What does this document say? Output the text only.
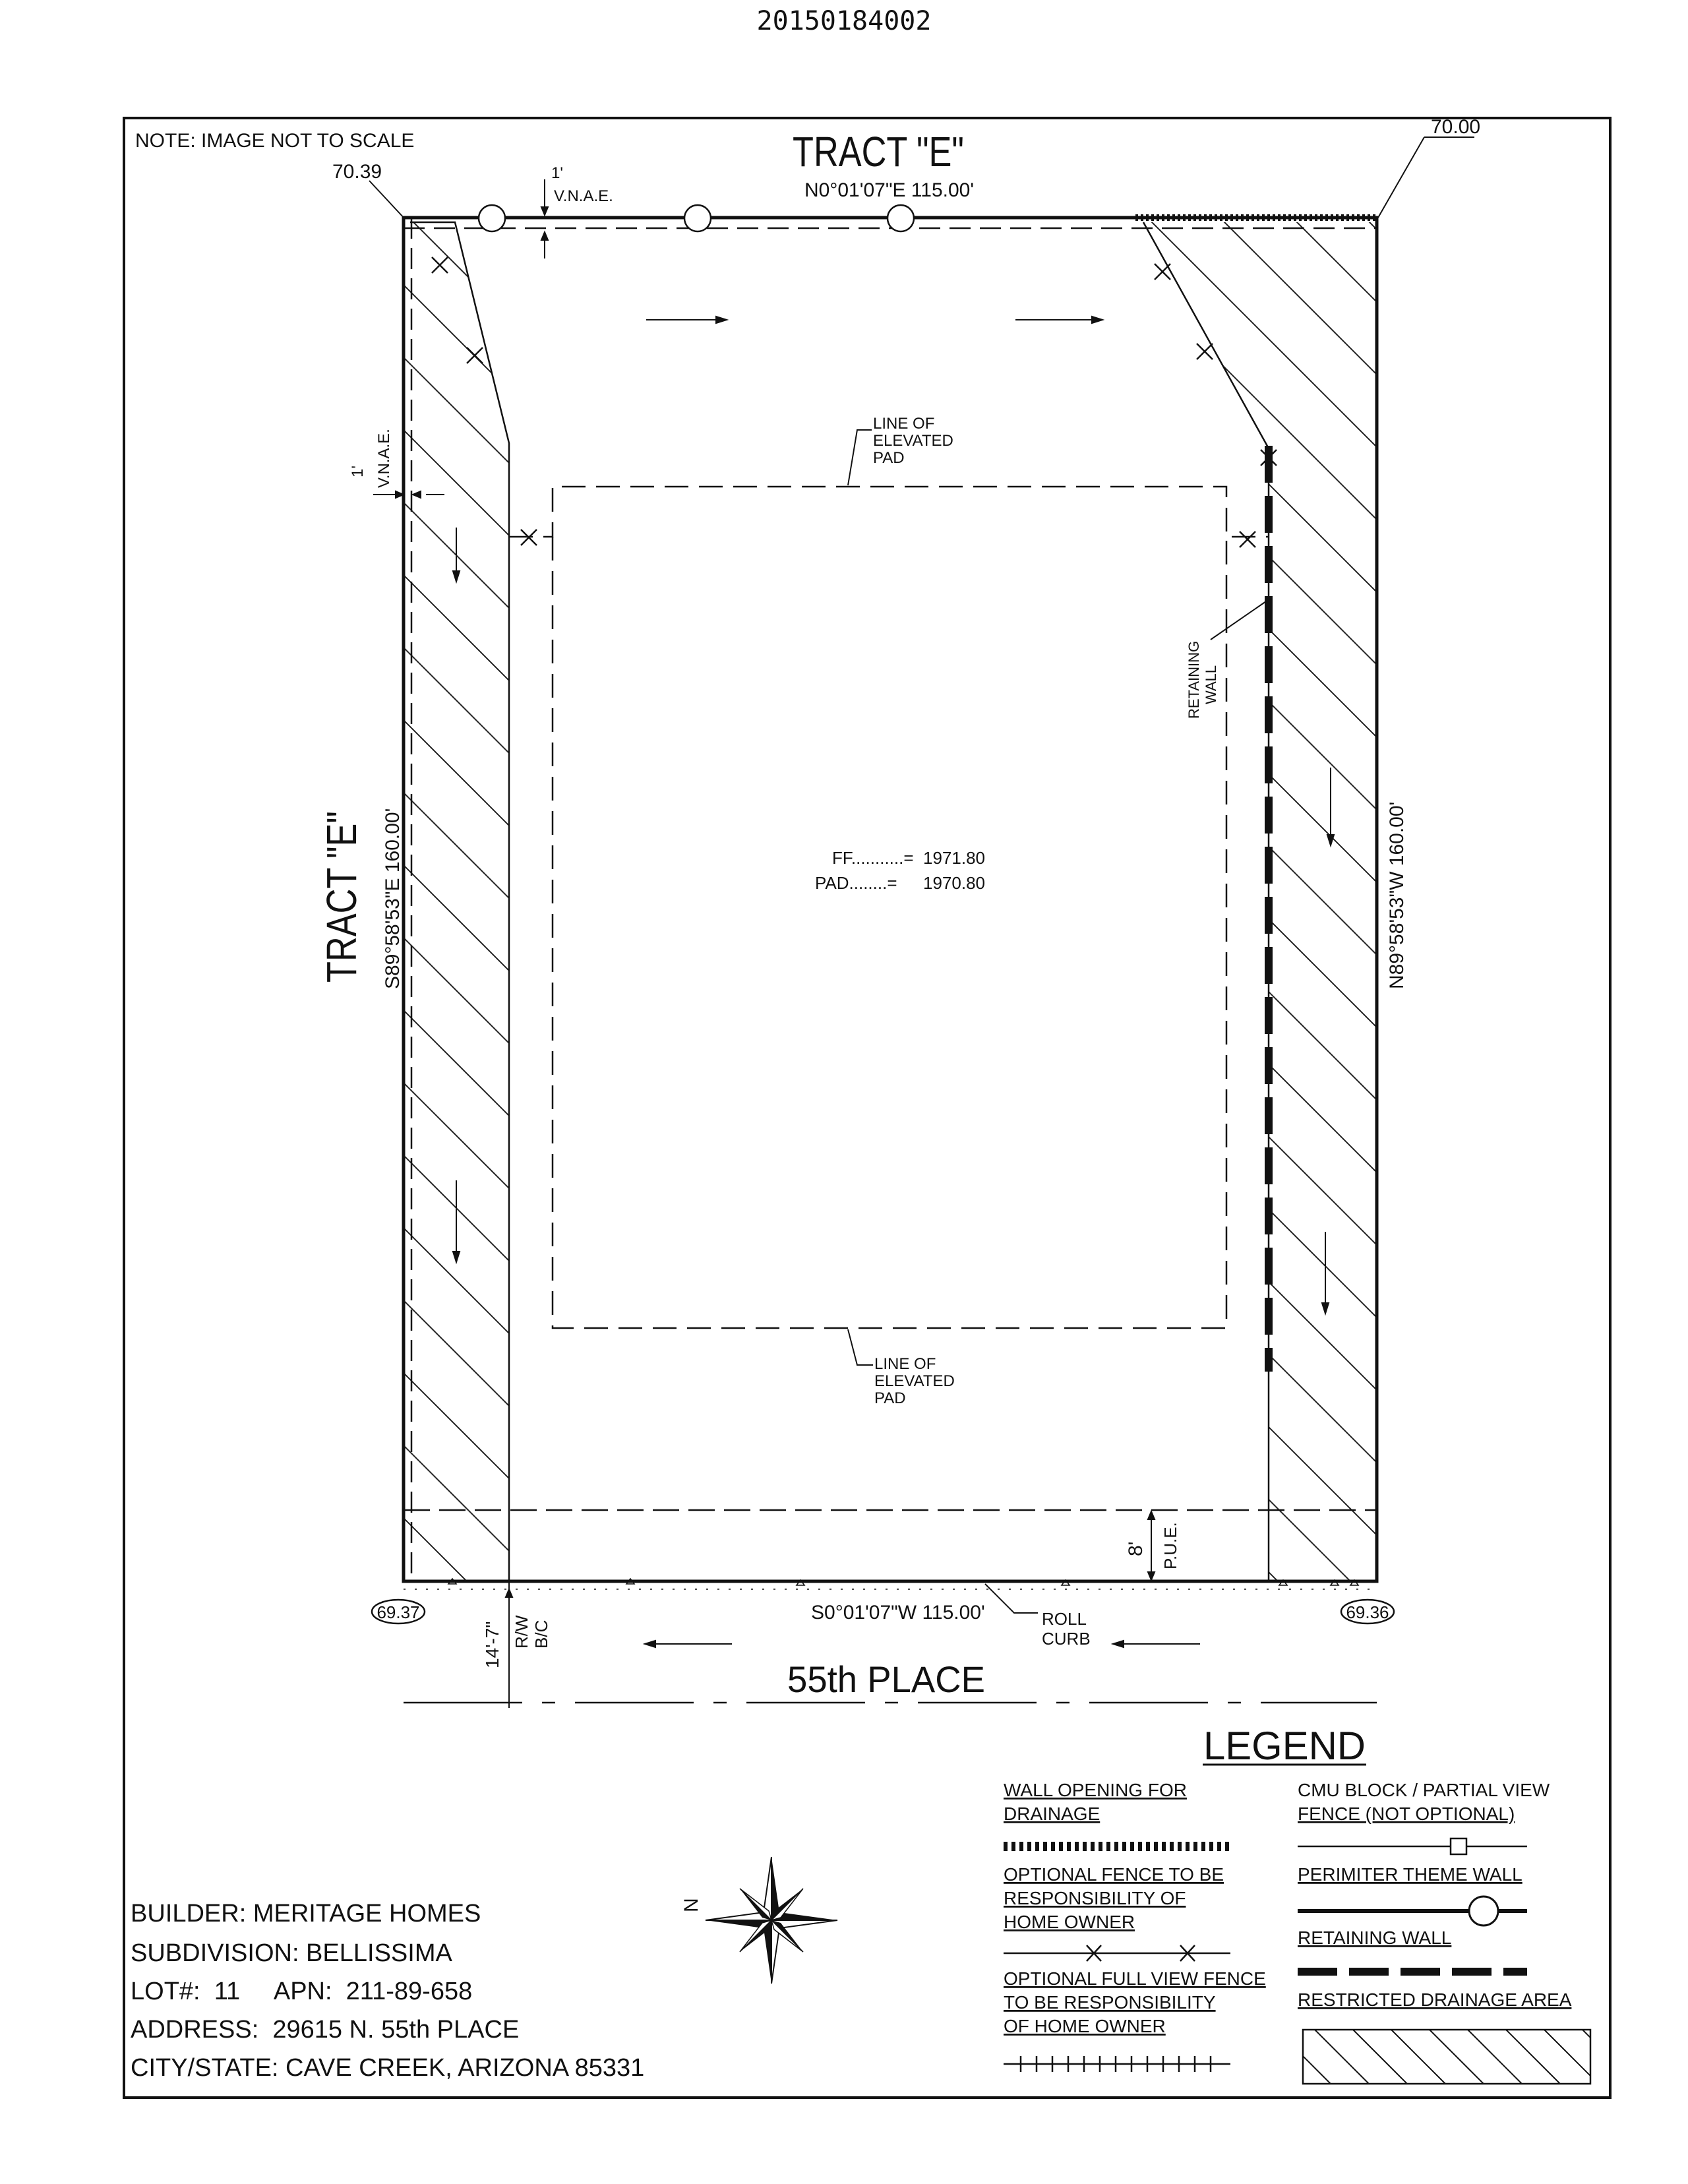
20150184002
NOTE: IMAGE NOT TO SCALE	TRACT "E"
1'
V.N.A.E.
1' V.N.A.E.
70.39
70.00
N0°01'07"E 115.00'
S89°58'53"E 160.00'	N89°58'53"W 160.00'
TRACT "E"
LINE OF
ELEVATED
PAD
LINE OF
ELEVATED
PAD
RETAINING WALL
FF...........= 1971.80
PAD........= 1970.80
8' P.U.E.
S0°01'07"W 115.00'	ROLL
CURB
69.37	69.36
14'-7" R/W B/C
55th PLACE
N
BUILDER: MERITAGE HOMES
SUBDIVISION: BELLISSIMA
LOT#:  11     APN:  211-89-658
ADDRESS:  29615 N. 55th PLACE
CITY/STATE: CAVE CREEK, ARIZONA 85331
LEGEND
WALL OPENING FOR
DRAINAGE
OPTIONAL FENCE TO BE
RESPONSIBILITY OF
HOME OWNER
OPTIONAL FULL VIEW FENCE
TO BE RESPONSIBILITY
OF HOME OWNER
CMU BLOCK / PARTIAL VIEW
FENCE (NOT OPTIONAL)
PERIMITER THEME WALL
RETAINING WALL
RESTRICTED DRAINAGE AREA
